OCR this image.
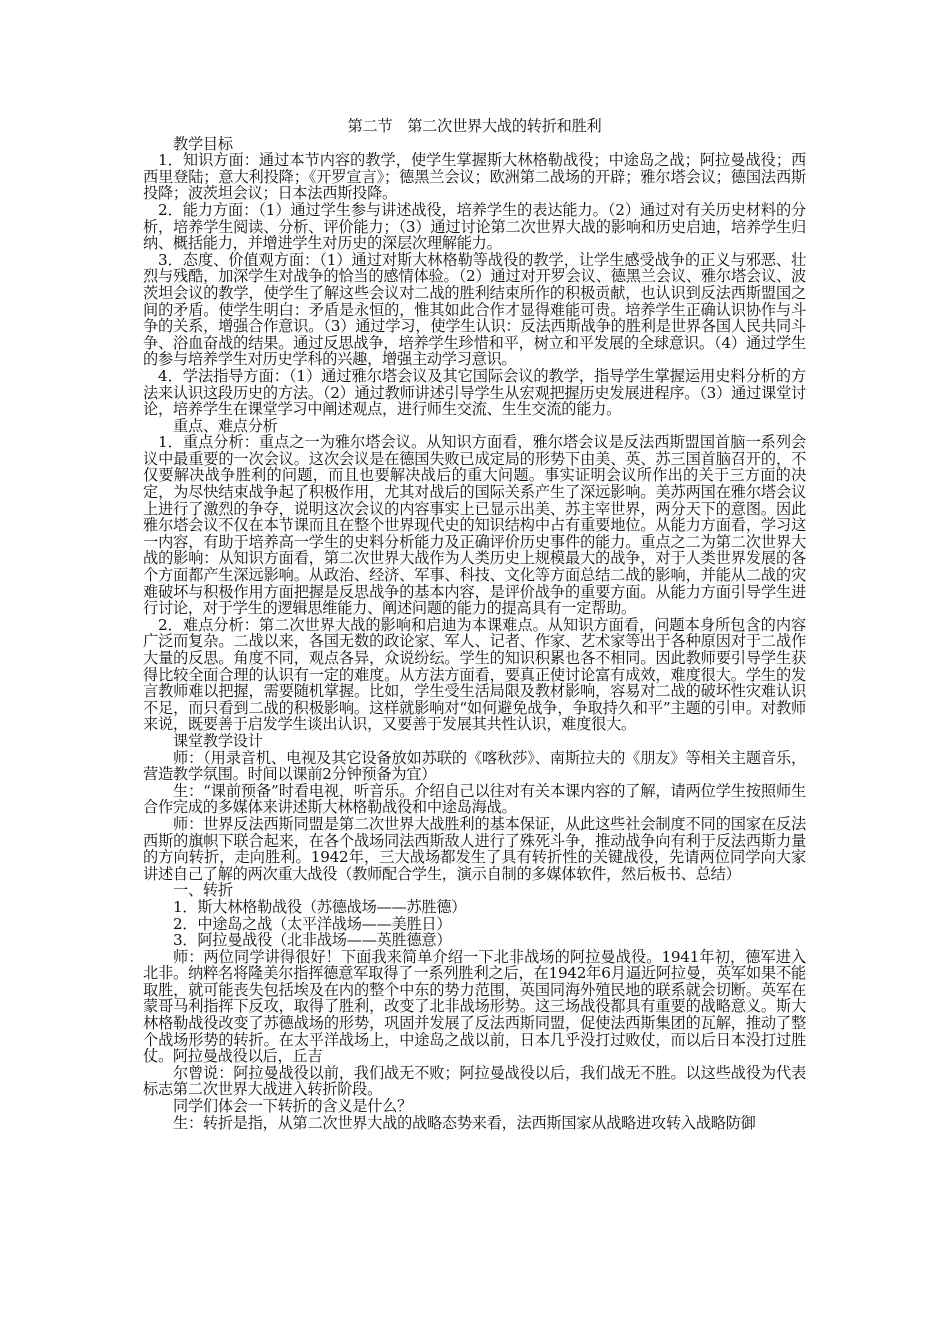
第二节　第二次世界大战的转折和胜利

教学目标

1．知识方面：通过本节内容的教学，使学生掌握斯大林格勒战役；中途岛之战；阿拉曼战役；西西里登陆；意大利投降；《开罗宣言》；德黑兰会议；欧洲第二战场的开辟；雅尔塔会议；德国法西斯投降；波茨坦会议；日本法西斯投降。

2．能力方面：（1）通过学生参与讲述战役，培养学生的表达能力。（2）通过对有关历史材料的分析，培养学生阅读、分析、评价能力；（3）通过讨论第二次世界大战的影响和历史启迪，培养学生归纳、概括能力，并增进学生对历史的深层次理解能力。

3．态度、价值观方面：（1）通过对斯大林格勒等战役的教学，让学生感受战争的正义与邪恶、壮烈与残酷，加深学生对战争的恰当的感情体验。（2）通过对开罗会议、德黑兰会议、雅尔塔会议、波茨坦会议的教学，使学生了解这些会议对二战的胜利结束所作的积极贡献，也认识到反法西斯盟国之间的矛盾。使学生明白：矛盾是永恒的，惟其如此合作才显得难能可贵。培养学生正确认识协作与斗争的关系，增强合作意识。（3）通过学习，使学生认识：反法西斯战争的胜利是世界各国人民共同斗争、浴血奋战的结果。通过反思战争，培养学生珍惜和平，树立和平发展的全球意识。（4）通过学生的参与培养学生对历史学科的兴趣，增强主动学习意识。

4．学法指导方面：（1）通过雅尔塔会议及其它国际会议的教学，指导学生掌握运用史料分析的方法来认识这段历史的方法。（2）通过教师讲述引导学生从宏观把握历史发展进程序。（3）通过课堂讨论，培养学生在课堂学习中阐述观点，进行师生交流、生生交流的能力。

重点、难点分析

1．重点分析：重点之一为雅尔塔会议。从知识方面看，雅尔塔会议是反法西斯盟国首脑一系列会议中最重要的一次会议。这次会议是在德国失败已成定局的形势下由美、英、苏三国首脑召开的，不仅要解决战争胜利的问题，而且也要解决战后的重大问题。事实证明会议所作出的关于三方面的决定，为尽快结束战争起了积极作用，尤其对战后的国际关系产生了深远影响。美苏两国在雅尔塔会议上进行了激烈的争夺，说明这次会议的内容事实上已显示出美、苏主宰世界，两分天下的意图。因此雅尔塔会议不仅在本节课而且在整个世界现代史的知识结构中占有重要地位。从能力方面看，学习这一内容，有助于培养高一学生的史料分析能力及正确评价历史事件的能力。重点之二为第二次世界大战的影响：从知识方面看，第二次世界大战作为人类历史上规模最大的战争，对于人类世界发展的各个方面都产生深远影响。从政治、经济、军事、科技、文化等方面总结二战的影响，并能从二战的灾难破坏与积极作用方面把握是反思战争的基本内容，是评价战争的重要方面。从能力方面引导学生进行讨论，对于学生的逻辑思维能力、阐述问题的能力的提高具有一定帮助。

2．难点分析：第二次世界大战的影响和启迪为本课难点。从知识方面看，问题本身所包含的内容广泛而复杂。二战以来，各国无数的政论家、军人、记者、作家、艺术家等出于各种原因对于二战作大量的反思。角度不同，观点各异，众说纷纭。学生的知识积累也各不相同。因此教师要引导学生获得比较全面合理的认识有一定的难度。从方法方面看，要真正使讨论富有成效，难度很大。学生的发言教师难以把握，需要随机掌握。比如，学生受生活局限及教材影响，容易对二战的破坏性灾难认识不足，而只看到二战的积极影响。这样就影响对“如何避免战争，争取持久和平”主题的引申。对教师来说，既要善于启发学生谈出认识，又要善于发展其共性认识，难度很大。

课堂教学设计

师：（用录音机、电视及其它设备放如苏联的《喀秋莎》、南斯拉夫的《朋友》等相关主题音乐，营造教学氛围。时间以课前2分钟预备为宜）

生：“课前预备”时看电视，听音乐。介绍自己以往对有关本课内容的了解，请两位学生按照师生合作完成的多媒体来讲述斯大林格勒战役和中途岛海战。

师：世界反法西斯同盟是第二次世界大战胜利的基本保证，从此这些社会制度不同的国家在反法西斯的旗帜下联合起来，在各个战场同法西斯敌人进行了殊死斗争，推动战争向有利于反法西斯力量的方向转折，走向胜利。1942年，三大战场都发生了具有转折性的关键战役，先请两位同学向大家讲述自己了解的两次重大战役（教师配合学生，演示自制的多媒体软件，然后板书、总结）

一、转折

1．斯大林格勒战役（苏德战场——苏胜德）

2．中途岛之战（太平洋战场——美胜日）

3．阿拉曼战役（北非战场——英胜德意）

师：两位同学讲得很好！下面我来简单介绍一下北非战场的阿拉曼战役。1941年初，德军进入北非。纳粹名将隆美尔指挥德意军取得了一系列胜利之后，在1942年6月逼近阿拉曼，英军如果不能取胜，就可能丧失包括埃及在内的整个中东的势力范围，英国同海外殖民地的联系就会切断。英军在蒙哥马利指挥下反攻，取得了胜利，改变了北非战场形势。这三场战役都具有重要的战略意义。斯大林格勒战役改变了苏德战场的形势，巩固并发展了反法西斯同盟，促使法西斯集团的瓦解，推动了整个战场形势的转折。在太平洋战场上，中途岛之战以前，日本几乎没打过败仗，而以后日本没打过胜仗。阿拉曼战役以后，丘吉

尔曾说：阿拉曼战役以前，我们战无不败；阿拉曼战役以后，我们战无不胜。以这些战役为代表标志第二次世界大战进入转折阶段。

同学们体会一下转折的含义是什么？

生：转折是指，从第二次世界大战的战略态势来看，法西斯国家从战略进攻转入战略防御
